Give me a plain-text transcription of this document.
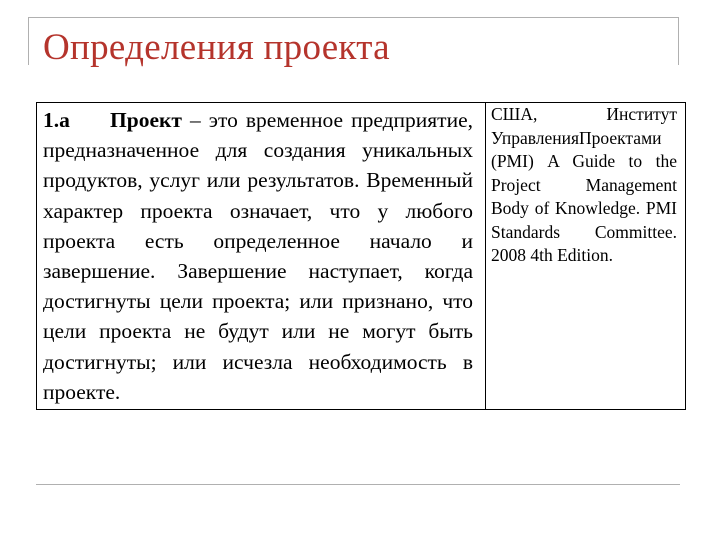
Определения проекта
1.а Проект – это временное предприятие, предназначенное для создания уникальных продуктов, услуг или результатов. Временный характер проекта означает, что у любого проекта есть определенное начало и завершение. Завершение наступает, когда достигнуты цели проекта; или признано, что цели проекта не будут или не могут быть достигнуты; или исчезла необходимость в проекте.	США, Институт УправленияПроектами (PMI) A Guide to the Project Management Body of Knowledge. PMI Standards Committee. 2008 4th Edition.
